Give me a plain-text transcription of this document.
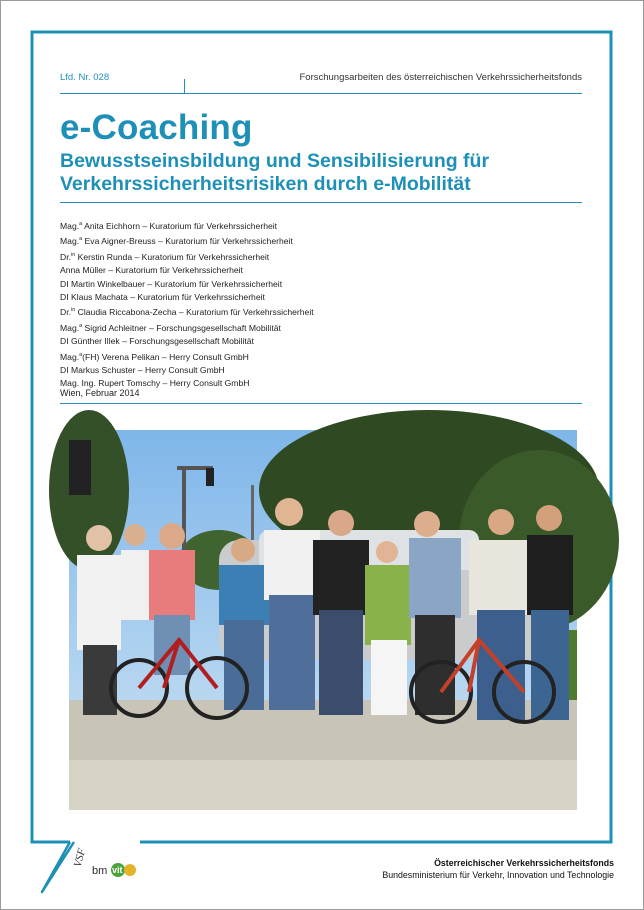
Lfd. Nr. 028	Forschungsarbeiten des österreichischen Verkehrssicherheitsfonds
e-Coaching
Bewusstseinsbildung und Sensibilisierung für Verkehrssicherheitsrisiken durch e-Mobilität
Mag.$^a$ Anita Eichhorn – Kuratorium für Verkehrssicherheit
Mag.$^a$ Eva Aigner-Breuss – Kuratorium für Verkehrssicherheit
Dr.$^{in}$ Kerstin Runda – Kuratorium für Verkehrssicherheit
Anna Müller – Kuratorium für Verkehrssicherheit
DI Martin Winkelbauer – Kuratorium für Verkehrssicherheit
DI Klaus Machata – Kuratorium für Verkehrssicherheit
Dr.$^{in}$ Claudia Riccabona-Zecha – Kuratorium für Verkehrssicherheit
Mag.$^a$ Sigrid Achleitner – Forschungsgesellschaft Mobilität
DI Günther Illek – Forschungsgesellschaft Mobilität
Mag.$^a$(FH) Verena Pelikan – Herry Consult GmbH
DI Markus Schuster – Herry Consult GmbH
Mag. Ing. Rupert Tomschy – Herry Consult GmbH
Wien, Februar 2014
VSF
bm vit
Österreichischer Verkehrssicherheitsfonds
Bundesministerium für Verkehr, Innovation und Technologie
